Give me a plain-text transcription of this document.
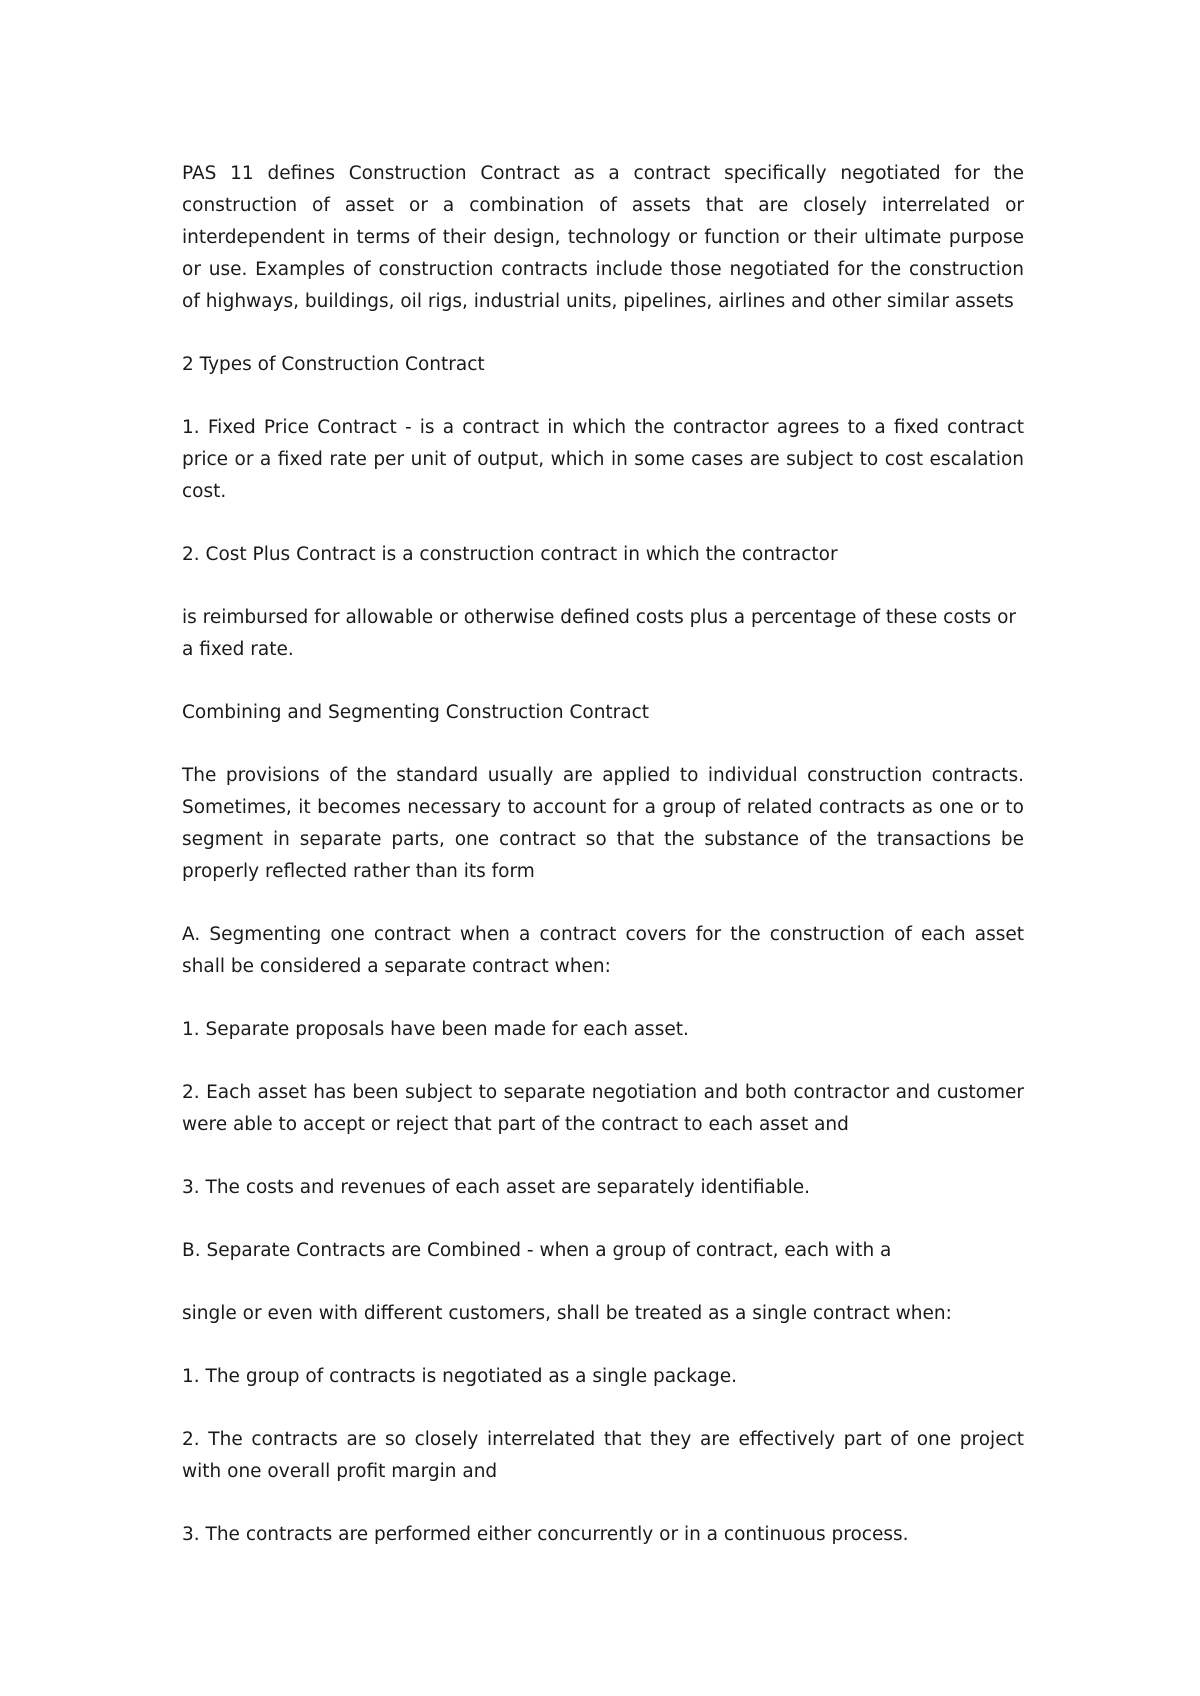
PAS 11 defines Construction Contract as a contract specifically negotiated for the construction of asset or a combination of assets that are closely interrelated or interdependent in terms of their design, technology or function or their ultimate purpose or use. Examples of construction contracts include those negotiated for the construction of highways, buildings, oil rigs, industrial units, pipelines, airlines and other similar assets

2 Types of Construction Contract

1. Fixed Price Contract - is a contract in which the contractor agrees to a fixed contract price or a fixed rate per unit of output, which in some cases are subject to cost escalation cost.

2. Cost Plus Contract is a construction contract in which the contractor

is reimbursed for allowable or otherwise defined costs plus a percentage of these costs or a fixed rate.

Combining and Segmenting Construction Contract

The provisions of the standard usually are applied to individual construction contracts. Sometimes, it becomes necessary to account for a group of related contracts as one or to segment in separate parts, one contract so that the substance of the transactions be properly reflected rather than its form

A. Segmenting one contract when a contract covers for the construction of each asset shall be considered a separate contract when:

1. Separate proposals have been made for each asset.

2. Each asset has been subject to separate negotiation and both contractor and customer were able to accept or reject that part of the contract to each asset and

3. The costs and revenues of each asset are separately identifiable.

B. Separate Contracts are Combined - when a group of contract, each with a

single or even with different customers, shall be treated as a single contract when:

1. The group of contracts is negotiated as a single package.

2. The contracts are so closely interrelated that they are effectively part of one project with one overall profit margin and

3. The contracts are performed either concurrently or in a continuous process.
